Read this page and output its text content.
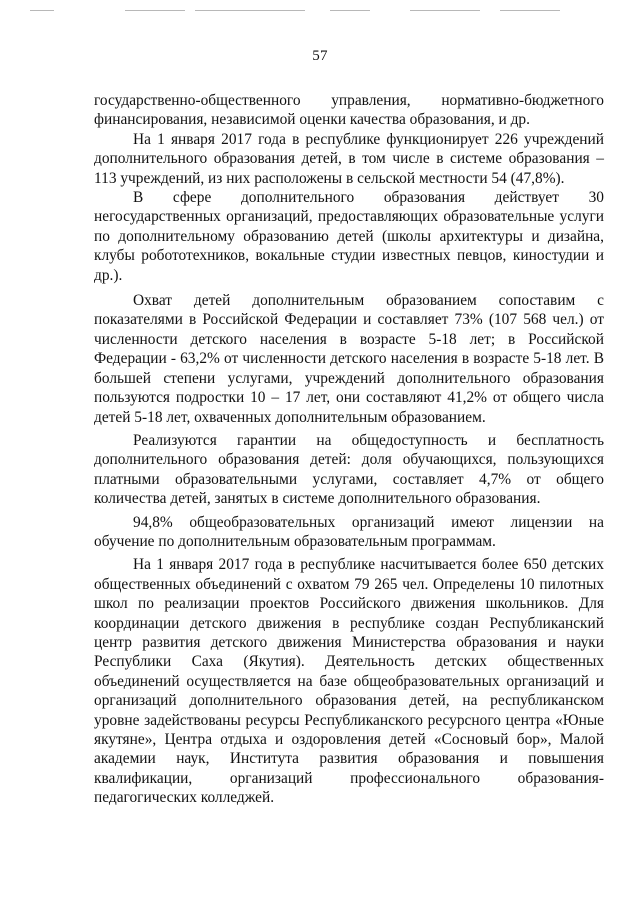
57

государственно-общественного управления, нормативно-бюджетного финансирования, независимой оценки качества образования, и др.

На 1 января 2017 года в республике функционирует 226 учреждений дополнительного образования детей, в том числе в системе образования – 113 учреждений, из них расположены в сельской местности 54 (47,8%).

В сфере дополнительного образования действует 30 негосударственных организаций, предоставляющих образовательные услуги по дополнительному образованию детей (школы архитектуры и дизайна, клубы робототехников, вокальные студии известных певцов, киностудии и др.).

Охват детей дополнительным образованием сопоставим с показателями в Российской Федерации и составляет 73% (107 568 чел.) от численности детского населения в возрасте 5-18 лет; в Российской Федерации - 63,2% от численности детского населения в возрасте 5-18 лет. В большей степени услугами, учреждений дополнительного образования пользуются подростки 10 – 17 лет, они составляют 41,2% от общего числа детей 5-18 лет, охваченных дополнительным образованием.

Реализуются гарантии на общедоступность и бесплатность дополнительного образования детей: доля обучающихся, пользующихся платными образовательными услугами, составляет 4,7% от общего количества детей, занятых в системе дополнительного образования.

94,8% общеобразовательных организаций имеют лицензии на обучение по дополнительным образовательным программам.

На 1 января 2017 года в республике насчитывается более 650 детских общественных объединений с охватом 79 265 чел. Определены 10 пилотных школ по реализации проектов Российского движения школьников. Для координации детского движения в республике создан Республиканский центр развития детского движения Министерства образования и науки Республики Саха (Якутия). Деятельность детских общественных объединений осуществляется на базе общеобразовательных организаций и организаций дополнительного образования детей, на республиканском уровне задействованы ресурсы Республиканского ресурсного центра «Юные якутяне», Центра отдыха и оздоровления детей «Сосновый бор», Малой академии наук, Института развития образования и повышения квалификации, организаций профессионального образования-педагогических колледжей.
